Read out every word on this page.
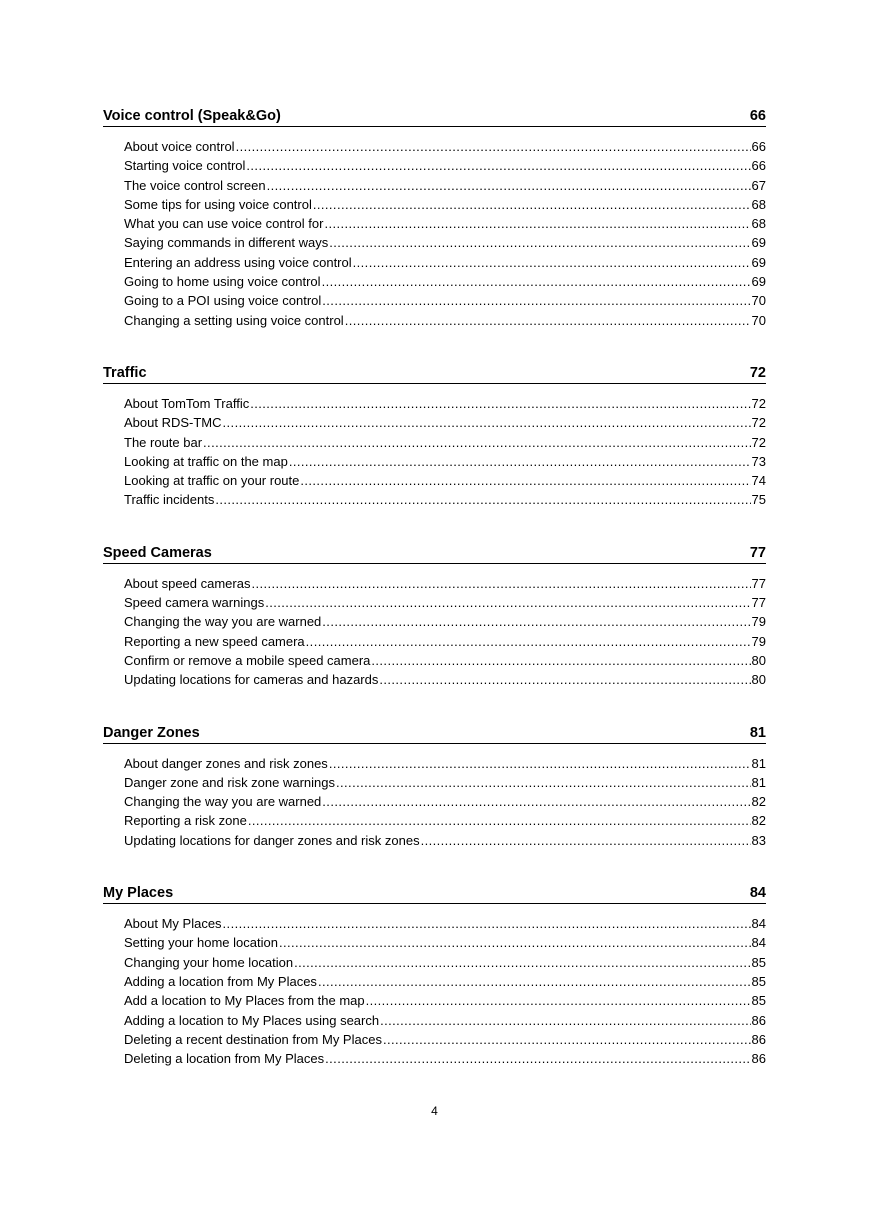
Voice control (Speak&Go)	66
About voice control .....	66
Starting voice control .....	66
The voice control screen .....	67
Some tips for using voice control .....	68
What you can use voice control for .....	68
Saying commands in different ways .....	69
Entering an address using voice control .....	69
Going to home using voice control .....	69
Going to a POI using voice control .....	70
Changing a setting using voice control .....	70
Traffic	72
About TomTom Traffic .....	72
About RDS-TMC .....	72
The route bar .....	72
Looking at traffic on the map .....	73
Looking at traffic on your route .....	74
Traffic incidents .....	75
Speed Cameras	77
About speed cameras .....	77
Speed camera warnings .....	77
Changing the way you are warned .....	79
Reporting a new speed camera .....	79
Confirm or remove a mobile speed camera .....	80
Updating locations for cameras and hazards .....	80
Danger Zones	81
About danger zones and risk zones .....	81
Danger zone and risk zone warnings .....	81
Changing the way you are warned .....	82
Reporting a risk zone .....	82
Updating locations for danger zones and risk zones .....	83
My Places	84
About My Places .....	84
Setting your home location .....	84
Changing your home location .....	85
Adding a location from My Places .....	85
Add a location to My Places from the map .....	85
Adding a location to My Places using search .....	86
Deleting a recent destination from My Places .....	86
Deleting a location from My Places .....	86
4
